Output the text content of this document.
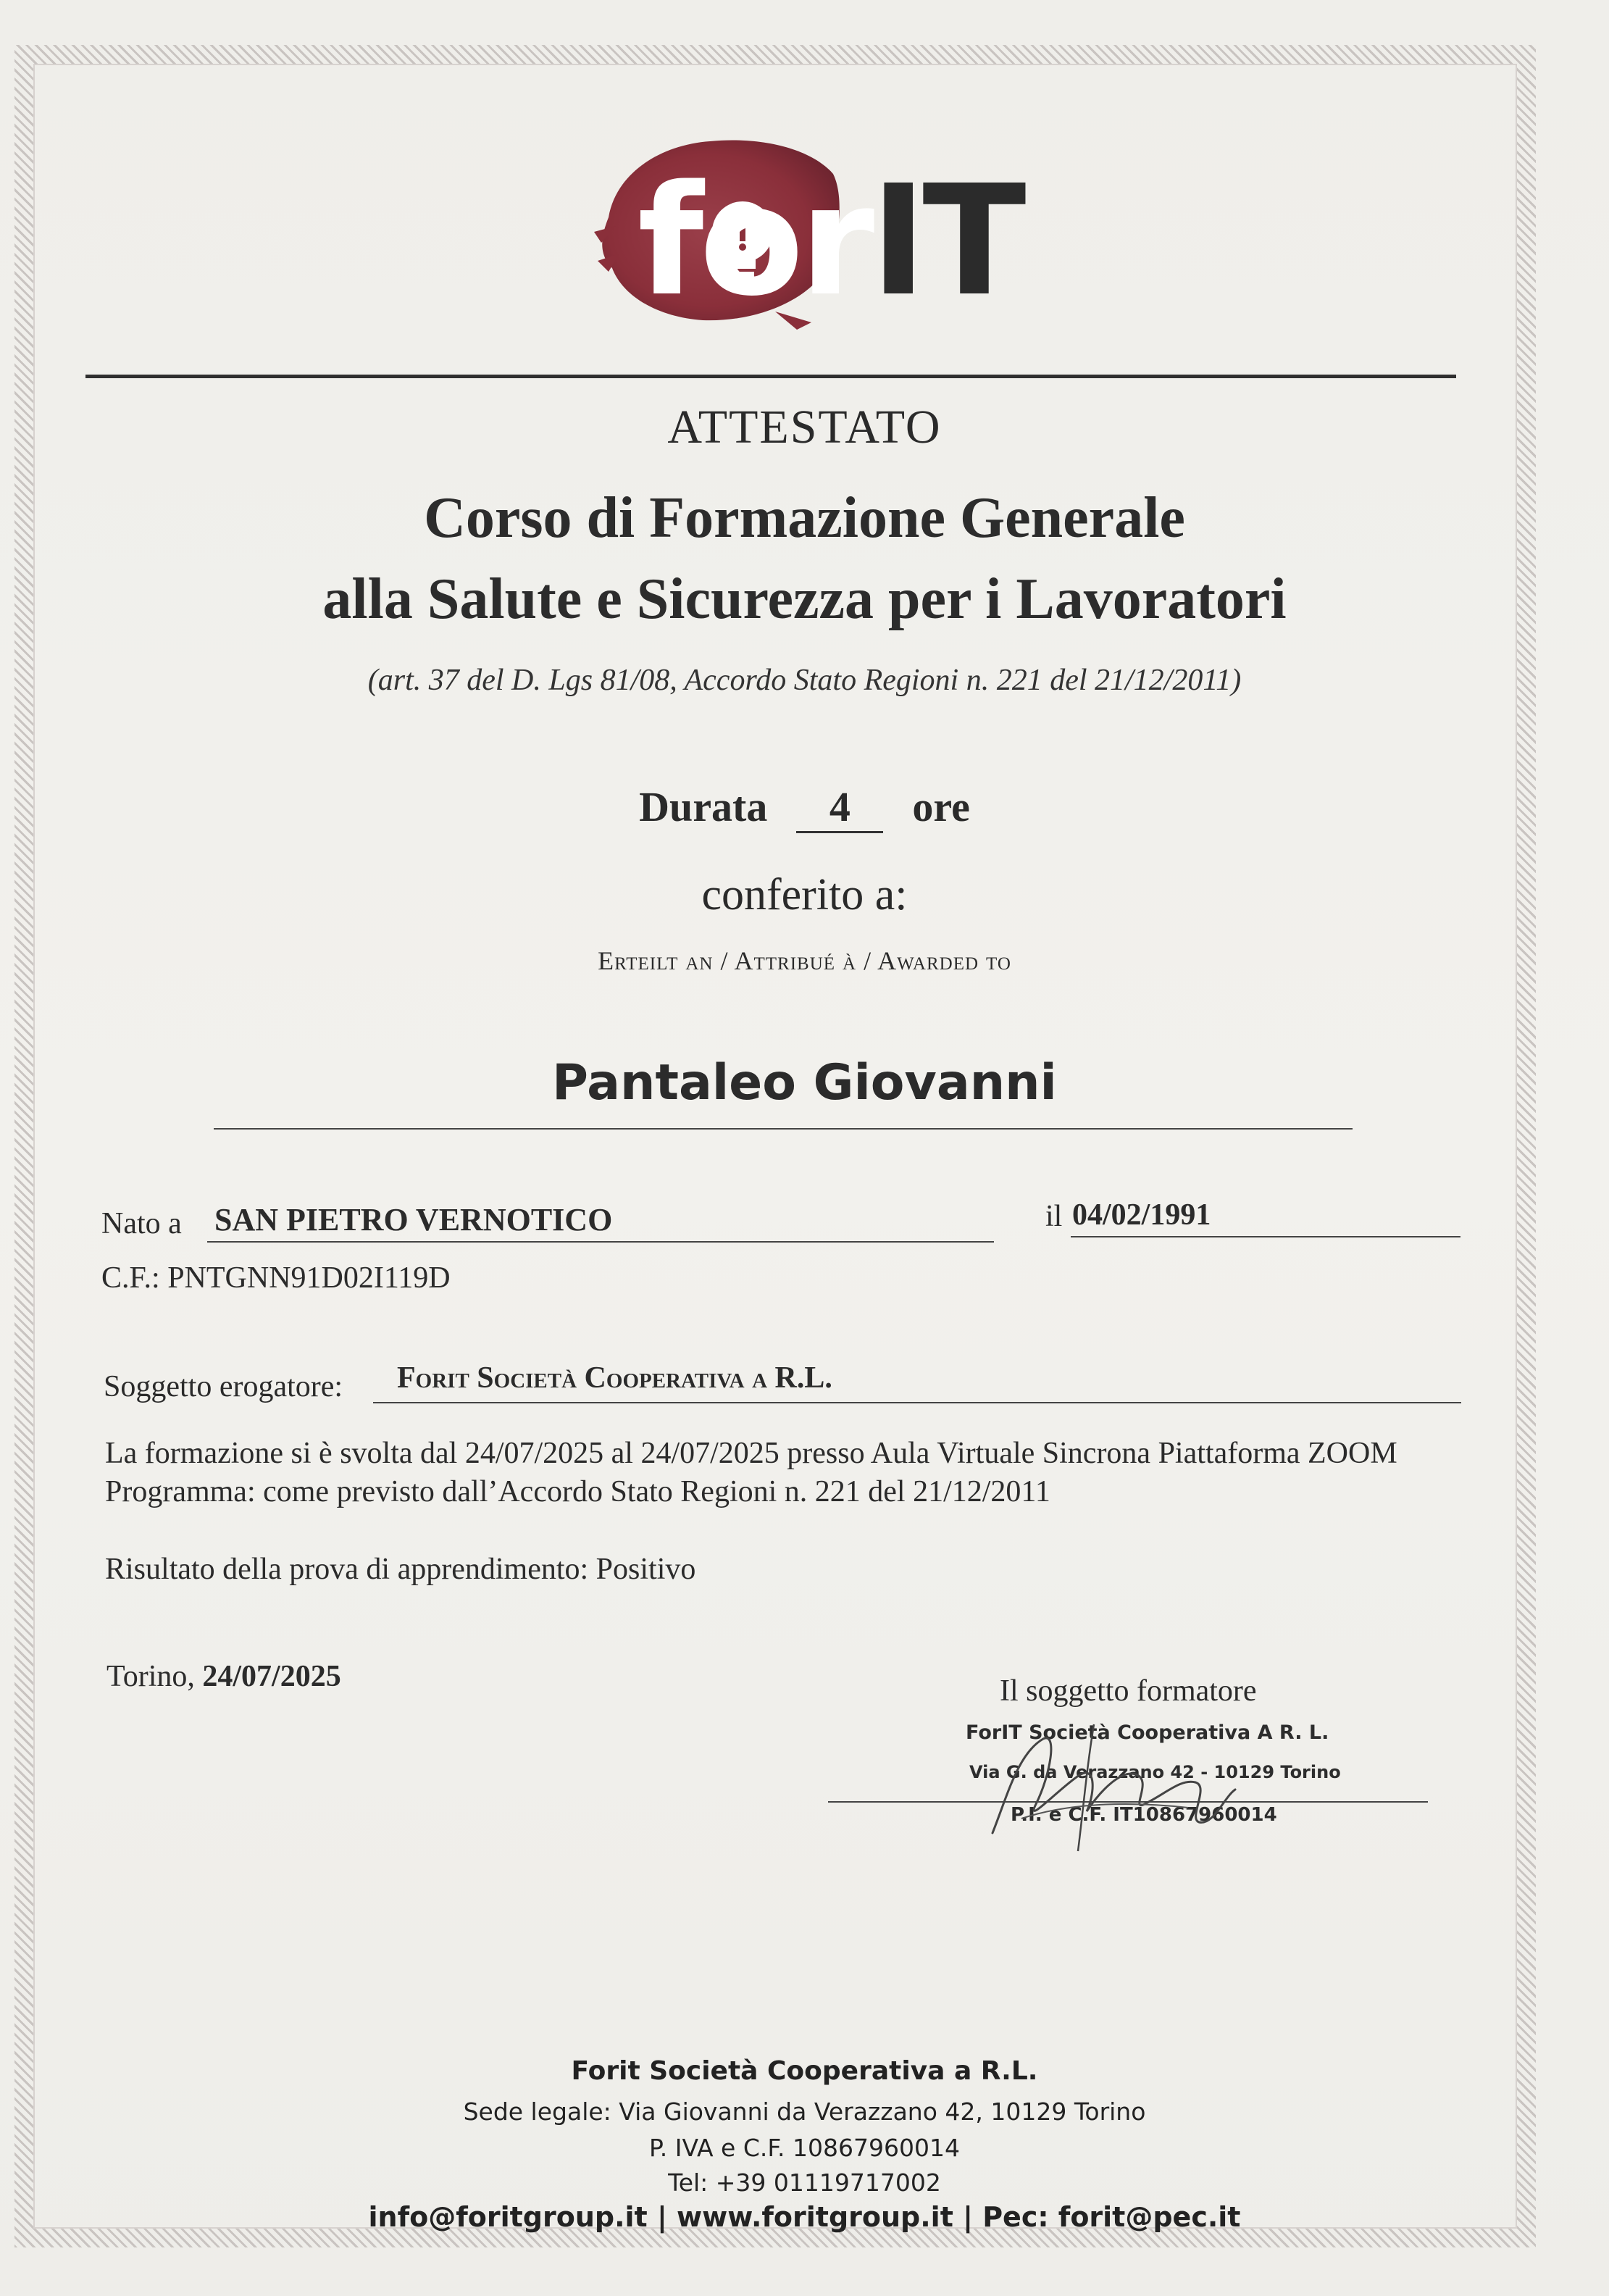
forIT
ATTESTATO
Corso di Formazione Generale
alla Salute e Sicurezza per i Lavoratori
(art. 37 del D. Lgs 81/08, Accordo Stato Regioni n. 221 del 21/12/2011)
Durata 4 ore
conferito a:
Erteilt an / Attribué à / Awarded to
Pantaleo Giovanni
Nato a SAN PIETRO VERNOTICO	il 04/02/1991
C.F.: PNTGNN91D02I119D
Soggetto erogatore: Forit Società Cooperativa a R.L.
La formazione si è svolta dal 24/07/2025 al 24/07/2025 presso Aula Virtuale Sincrona Piattaforma ZOOM
Programma: come previsto dall’Accordo Stato Regioni n. 221 del 21/12/2011
Risultato della prova di apprendimento: Positivo
Torino, 24/07/2025	Il soggetto formatore
ForIT Società Cooperativa A R. L.
Via G. da Verazzano 42 - 10129 Torino
P.I. e C.F. IT10867960014
Forit Società Cooperativa a R.L.
Sede legale: Via Giovanni da Verazzano 42, 10129 Torino
P. IVA e C.F. 10867960014
Tel: +39 01119717002
info@foritgroup.it | www.foritgroup.it | Pec: forit@pec.it
